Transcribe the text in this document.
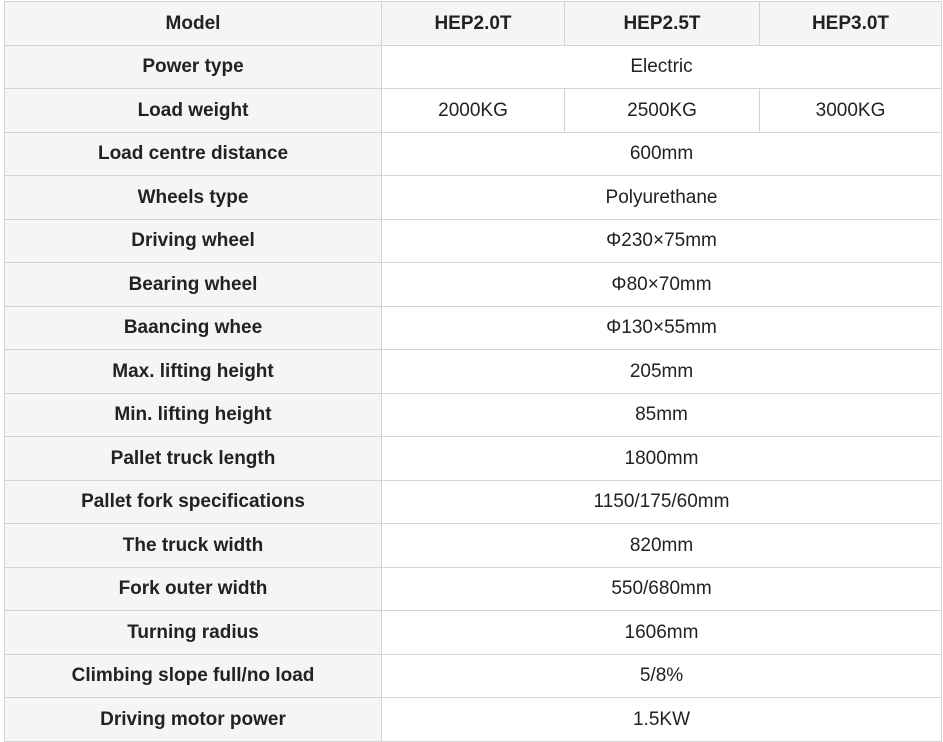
Model	HEP2.0T	HEP2.5T	HEP3.0T
Power type	Electric		
Load weight	2000KG	2500KG	3000KG
Load centre distance	600mm		
Wheels type	Polyurethane		
Driving wheel	Φ230×75mm		
Bearing wheel	Φ80×70mm		
Baancing whee	Φ130×55mm		
Max. lifting height	205mm		
Min. lifting height	85mm		
Pallet truck length	1800mm		
Pallet fork specifications	1150/175/60mm		
The truck width	820mm		
Fork outer width	550/680mm		
Turning radius	1606mm		
Climbing slope full/no load	5/8%		
Driving motor power	1.5KW		
